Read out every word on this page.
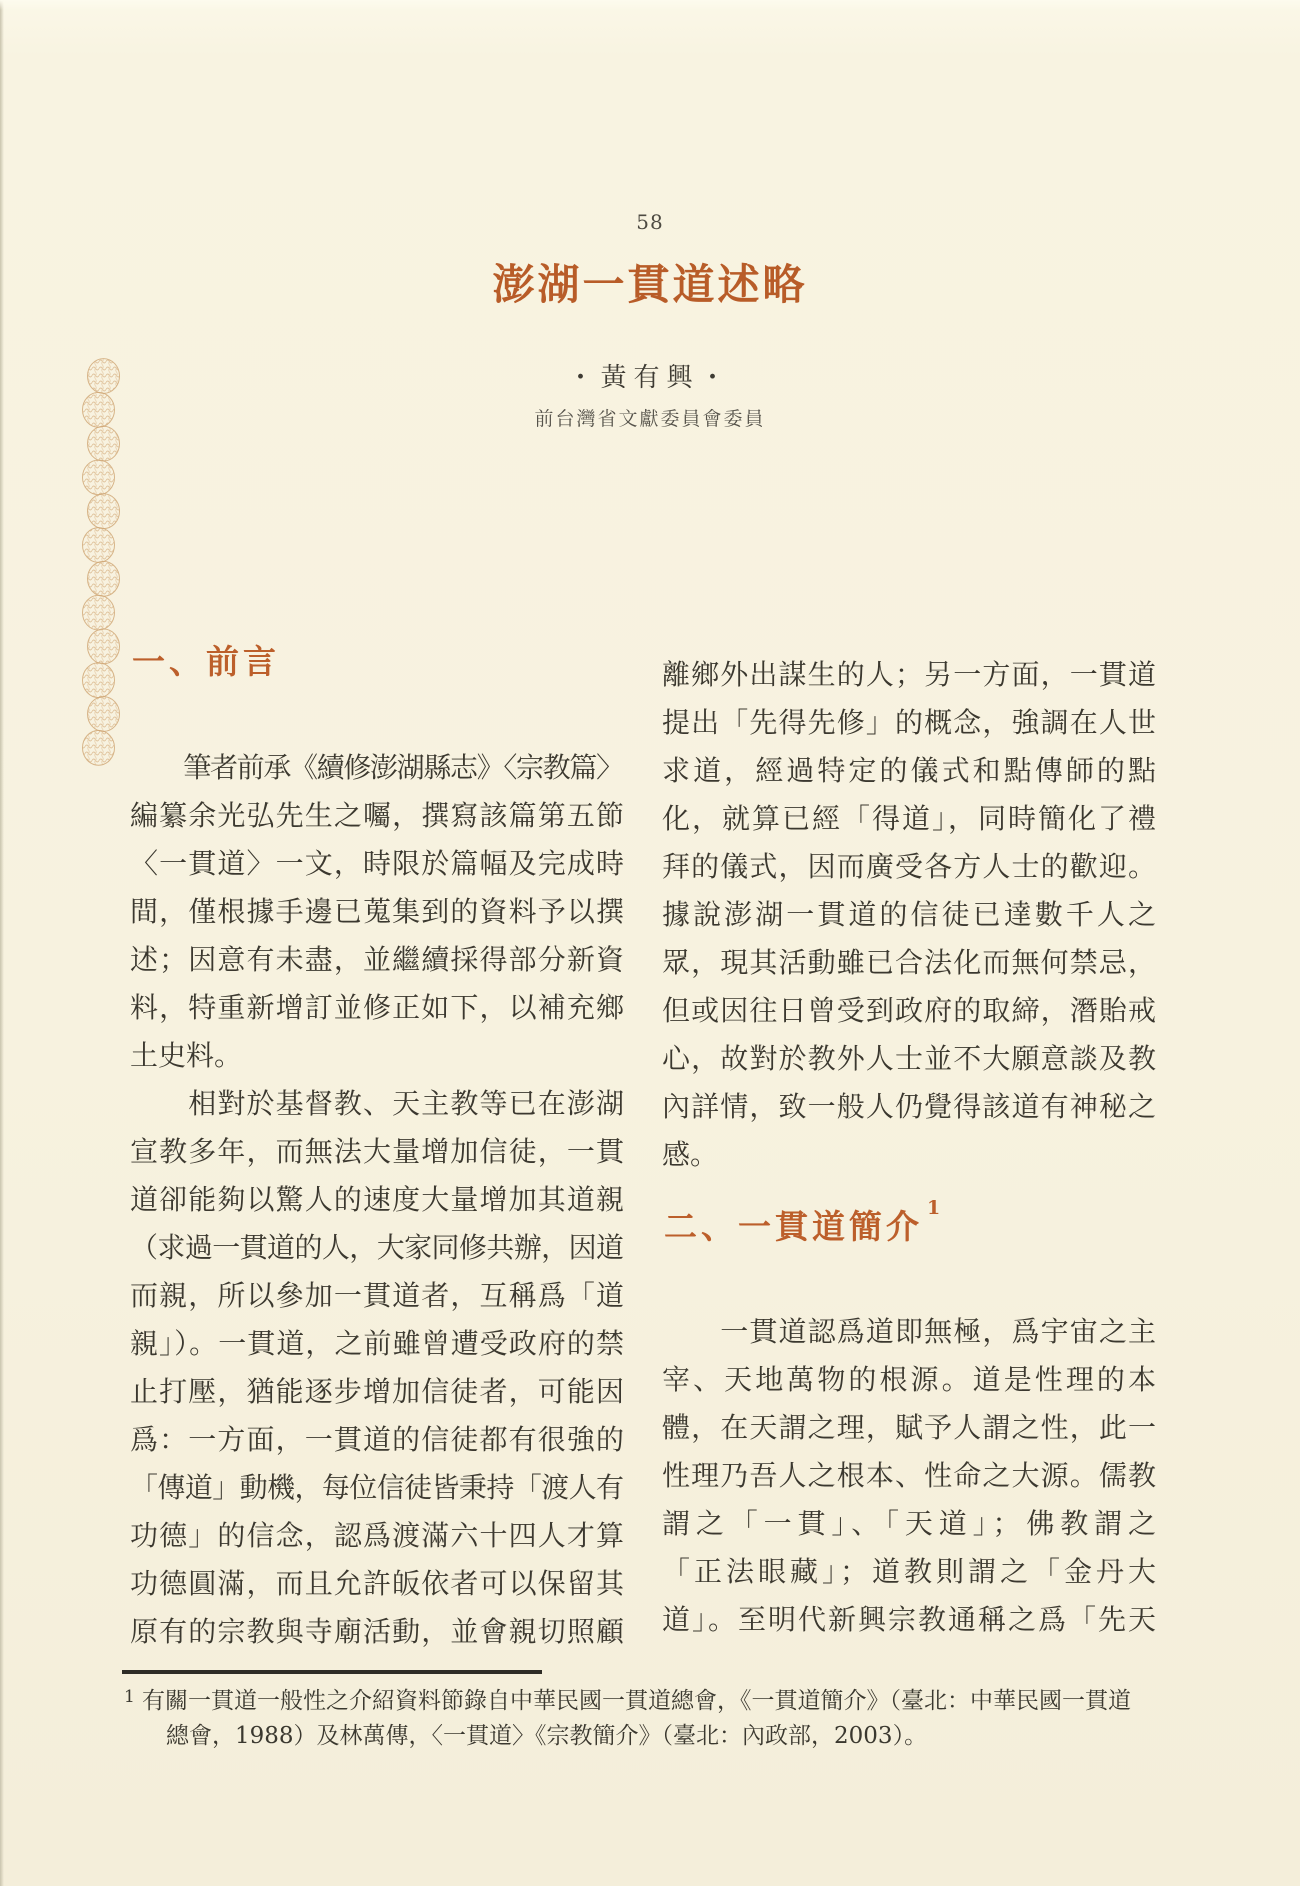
58
澎湖一貫道述略
・黃有興・
前台灣省文獻委員會委員
一、前言
　　筆者前承《續修澎湖縣志》〈宗教篇〉
編纂余光弘先生之囑，撰寫該篇第五節
〈一貫道〉一文，時限於篇幅及完成時
間，僅根據手邊已蒐集到的資料予以撰
述；因意有未盡，並繼續採得部分新資
料，特重新增訂並修正如下，以補充鄉
土史料。
　　相對於基督教、天主教等已在澎湖
宣教多年，而無法大量增加信徒，一貫
道卻能夠以驚人的速度大量增加其道親
（求過一貫道的人，大家同修共辦，因道
而親，所以參加一貫道者，互稱爲「道
親」）。一貫道，之前雖曾遭受政府的禁
止打壓，猶能逐步增加信徒者，可能因
爲：一方面，一貫道的信徒都有很強的
「傳道」動機，每位信徒皆秉持「渡人有
功德」的信念，認爲渡滿六十四人才算
功德圓滿，而且允許皈依者可以保留其
原有的宗教與寺廟活動，並會親切照顧
離鄉外出謀生的人；另一方面，一貫道
提出「先得先修」的概念，強調在人世
求道，經過特定的儀式和點傳師的點
化，就算已經「得道」，同時簡化了禮
拜的儀式，因而廣受各方人士的歡迎。
據說澎湖一貫道的信徒已達數千人之
眾，現其活動雖已合法化而無何禁忌，
但或因往日曾受到政府的取締，潛貽戒
心，故對於教外人士並不大願意談及教
內詳情，致一般人仍覺得該道有神秘之
感。
二、一貫道簡介 $^1$
　　一貫道認爲道即無極，爲宇宙之主
宰、天地萬物的根源。道是性理的本
體，在天謂之理，賦予人謂之性，此一
性理乃吾人之根本、性命之大源。儒教
謂之「一貫」、「天道」；佛教謂之
「正法眼藏」；道教則謂之「金丹大
道」。至明代新興宗教通稱之爲「先天
1 有關一貫道一般性之介紹資料節錄自中華民國一貫道總會，《一貫道簡介》（臺北：中華民國一貫道
總會，1988）及林萬傳，〈一貫道〉《宗教簡介》（臺北：內政部，2003）。
